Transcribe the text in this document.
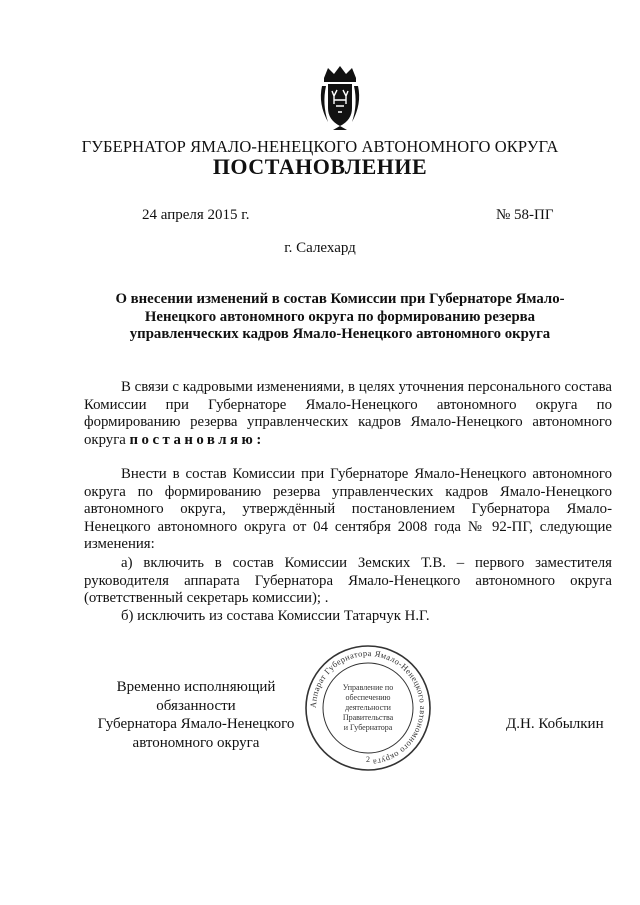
ГУБЕРНАТОР ЯМАЛО-НЕНЕЦКОГО АВТОНОМНОГО ОКРУГА
ПОСТАНОВЛЕНИЕ
24 апреля 2015 г.	№ 58-ПГ
г. Салехард
О внесении изменений в состав Комиссии при Губернаторе Ямало-Ненецкого автономного округа по формированию резерва управленческих кадров Ямало-Ненецкого автономного округа

В связи с кадровыми изменениями, в целях уточнения персонального состава Комиссии при Губернаторе Ямало-Ненецкого автономного округа по формированию резерва управленческих кадров Ямало-Ненецкого автономного округа постановляю:

Внести в состав Комиссии при Губернаторе Ямало-Ненецкого автономного округа по формированию резерва управленческих кадров Ямало-Ненецкого автономного округа, утверждённый постановлением Губернатора Ямало-Ненецкого автономного округа от 04 сентября 2008 года № 92-ПГ, следующие изменения:

а) включить в состав Комиссии Земских Т.В. – первого заместителя руководителя аппарата Губернатора Ямало-Ненецкого автономного округа (ответственный секретарь комиссии); .

б) исключить из состава Комиссии Татарчук Н.Г.

Временно исполняющий обязанности
Губернатора Ямало-Ненецкого
автономного округа
Д.Н. Кобылкин
Аппарат Губернатора Ямало-Ненецкого автономного округа
Управление по
обеспечению
деятельности
Правительства
и Губернатора
2
